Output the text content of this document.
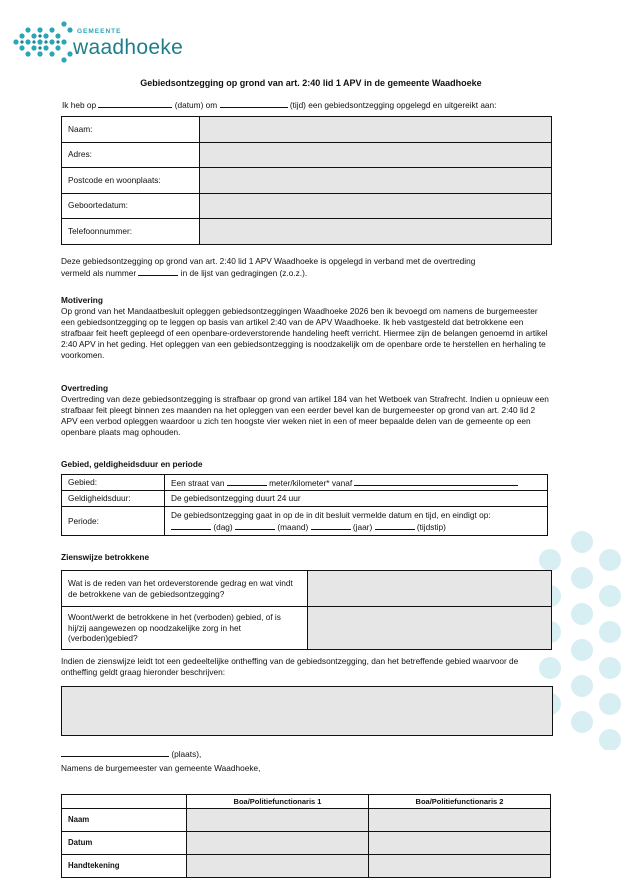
GEMEENTE
waadhoeke
Gebiedsontzegging op grond van art. 2:40 lid 1 APV in de gemeente Waadhoeke
Ik heb op	(datum) om	(tijd) een gebiedsontzegging opgelegd en uitgereikt aan:
Naam:	
Adres:	
Postcode en woonplaats:	
Geboortedatum:	
Telefoonnummer:	

Deze gebiedsontzegging op grond van art. 2:40 lid 1 APV Waadhoeke is opgelegd in verband met de overtreding

vermeld als nummer	in de lijst van gedragingen (z.o.z.).

Motivering

Op grond van het Mandaatbesluit opleggen gebiedsontzeggingen Waadhoeke 2026 ben ik bevoegd om namens de burgemeester een gebiedsontzegging op te leggen op basis van artikel 2:40 van de APV Waadhoeke. Ik heb vastgesteld dat betrokkene een strafbaar feit heeft gepleegd of een openbare-ordeverstorende handeling heeft verricht. Hiermee zijn de belangen genoemd in artikel 2:40 APV in het geding. Het opleggen van een gebiedsontzegging is noodzakelijk om de openbare orde te herstellen en herhaling te voorkomen.

Overtreding

Overtreding van deze gebiedsontzegging is strafbaar op grond van artikel 184 van het Wetboek van Strafrecht. Indien u opnieuw een strafbaar feit pleegt binnen zes maanden na het opleggen van een eerder bevel kan de burgemeester op grond van art. 2:40 lid 2 APV een verbod opleggen waardoor u zich ten hoogste vier weken niet in een of meer bepaalde delen van de gemeente op een openbare plaats mag ophouden.

Gebied, geldigheidsduur en periode
Gebied:	Een straat van meter/kilometer* vanaf
Geldigheidsduur:	De gebiedsontzegging duurt 24 uur
Periode:	De gebiedsontzegging gaat in op de in dit besluit vermelde datum en tijd, en eindigt op:
(dag) (maand) (jaar) (tijdstip)
Zienswijze betrokkene
Wat is de reden van het ordeverstorende gedrag en wat vindt de betrokkene van de gebiedsontzegging?	
Woont/werkt de betrokkene in het (verboden) gebied, of is hij/zij aangewezen op noodzakelijke zorg in het (verboden)gebied?	
Indien de zienswijze leidt tot een gedeeltelijke ontheffing van de gebiedsontzegging, dan het betreffende gebied waarvoor de ontheffing geldt graag hieronder beschrijven:
(plaats),
Namens de burgemeester van gemeente Waadhoeke,
	Boa/Politiefunctionaris 1	Boa/Politiefunctionaris 2
Naam		
Datum		
Handtekening		
